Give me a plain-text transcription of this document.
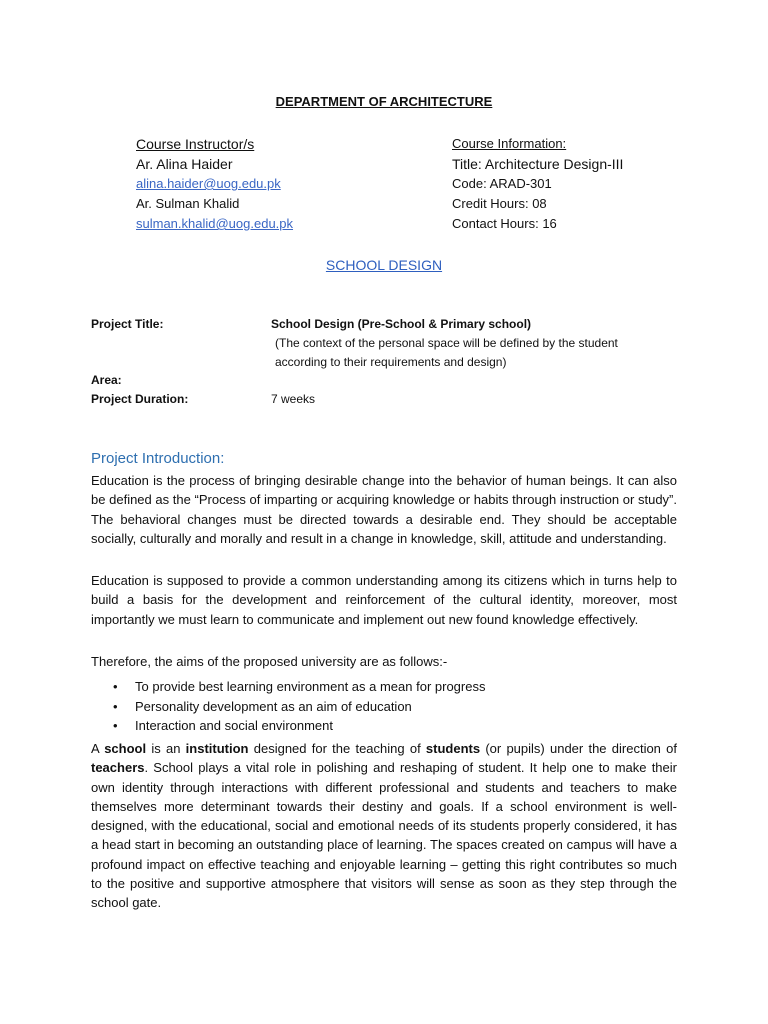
DEPARTMENT OF ARCHITECTURE
Course Instructor/s
Ar. Alina Haider
alina.haider@uog.edu.pk
Ar. Sulman Khalid
sulman.khalid@uog.edu.pk
Course Information:
Title: Architecture Design-III
Code: ARAD-301
Credit Hours: 08
Contact Hours: 16
SCHOOL DESIGN
Project Title:	School Design (Pre-School & Primary school)
(The context of the personal space will be defined by the student according to their requirements and design)
Area:
Project Duration:	7 weeks
Project Introduction:
Education is the process of bringing desirable change into the behavior of human beings. It can also be defined as the “Process of imparting or acquiring knowledge or habits through instruction or study”. The behavioral changes must be directed towards a desirable end. They should be acceptable socially, culturally and morally and result in a change in knowledge, skill, attitude and understanding.
Education is supposed to provide a common understanding among its citizens which in turns help to build a basis for the development and reinforcement of the cultural identity, moreover, most importantly we must learn to communicate and implement out new found knowledge effectively.
Therefore, the aims of the proposed university are as follows:-
• To provide best learning environment as a mean for progress
• Personality development as an aim of education
• Interaction and social environment
A school is an institution designed for the teaching of students (or pupils) under the direction of teachers. School plays a vital role in polishing and reshaping of student. It help one to make their own identity through interactions with different professional and students and teachers to make themselves more determinant towards their destiny and goals. If a school environment is well-designed, with the educational, social and emotional needs of its students properly considered, it has a head start in becoming an outstanding place of learning. The spaces created on campus will have a profound impact on effective teaching and enjoyable learning – getting this right contributes so much to the positive and supportive atmosphere that visitors will sense as soon as they step through the school gate.
